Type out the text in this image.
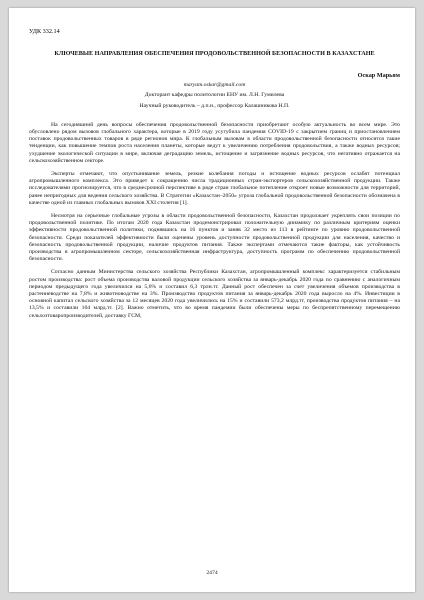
УДК 332.14
КЛЮЧЕВЫЕ НАПРАВЛЕНИЯ ОБЕСПЕЧЕНИЯ ПРОДОВОЛЬСТВЕННОЙ БЕЗОПАСНОСТИ В КАЗАХСТАНЕ
Оскар Марьям
maryam.oskar@gmail.com
Докторант кафедры политологии ЕНУ им. Л.Н. Гумилева
Научный руководитель – д.п.н., профессор Калашникова Н.П.

На сегодняшний день вопросы обеспечения продовольственной безопасности приобретают особую актуальность во всем мире. Это обусловлено рядом вызовов глобального характера, которые в 2019 году усугубила пандемия COVID-19 с закрытием границ и приостановлением поставок продовольственных товаров в ряде регионов мира. К глобальным вызовам в области продовольственной безопасности относятся такие тенденции, как повышение темпов роста населения планеты, которые ведут к увеличению потребления продовольствия, а также водных ресурсов; ухудшение экологической ситуации в мире, включая деградацию земель, истощение и загрязнение водных ресурсов, что негативно отражается на сельскохозяйственном секторе.

Эксперты отмечают, что опустынивание земель, резкие колебания погоды и истощение водных ресурсов ослабят потенциал агропромышленного комплекса. Это приведет к сокращению числа традиционных стран-экспортеров сельскохозяйственной продукции. Также исследователями прогнозируется, что в среднесрочной перспективе в ряде стран глобальное потепление откроет новые возможности для территорий, ранее непригодных для ведения сельского хозяйства. В Стратегии «Казахстан–2050» угроза глобальной продовольственной безопасности обозначена в качестве одной из главных глобальных вызовов XXI столетия [1].

Несмотря на серьезные глобальные угрозы в области продовольственной безопасности, Казахстан продолжает укреплять свои позиции по продовольственной политике. По итогам 2020 года Казахстан продемонстрировал положительную динамику по различным критериям оценки эффективности продовольственной политики, поднявшись на 16 пунктов и заняв 32 место из 113 в рейтинге по уровню продовольственной безопасности. Среди показателей эффективности были оценены уровень доступности продовольственной продукции для населения, качество и безопасность продовольственной продукции, наличие продуктов питания. Также экспертами отмечаются такие факторы, как устойчивость производства в агропромышленном секторе, сельскохозяйственная инфраструктура, доступность программ по обеспечению продовольственной безопасности.

Согласно данным Министерства сельского хозяйства Республики Казахстан, агропромышленный комплекс характеризуется стабильным ростом производства: рост объема производства валовой продукции сельского хозяйства за январь-декабрь 2020 года по сравнению с аналогичным периодом предыдущего года увеличился на 5,6% и составил 6,3 трлн.тг. Данный рост обеспечен за счет увеличения объемов производства в растениеводстве на 7,8% и животноводстве на 3%. Производство продуктов питания за январь-декабрь 2020 года выросло на 4%. Инвестиции в основной капитал сельского хозяйства за 12 месяцев 2020 года увеличились на 15% и составили 573,2 млрд.тг, производства продуктов питания – на 13,5% и составили 104 млрд.тг. [2]. Важно отметить, что во время пандемии были обеспечены меры по беспрепятственному перемещению сельхозтоваропроизводителей, доставку ГСМ,

2474
